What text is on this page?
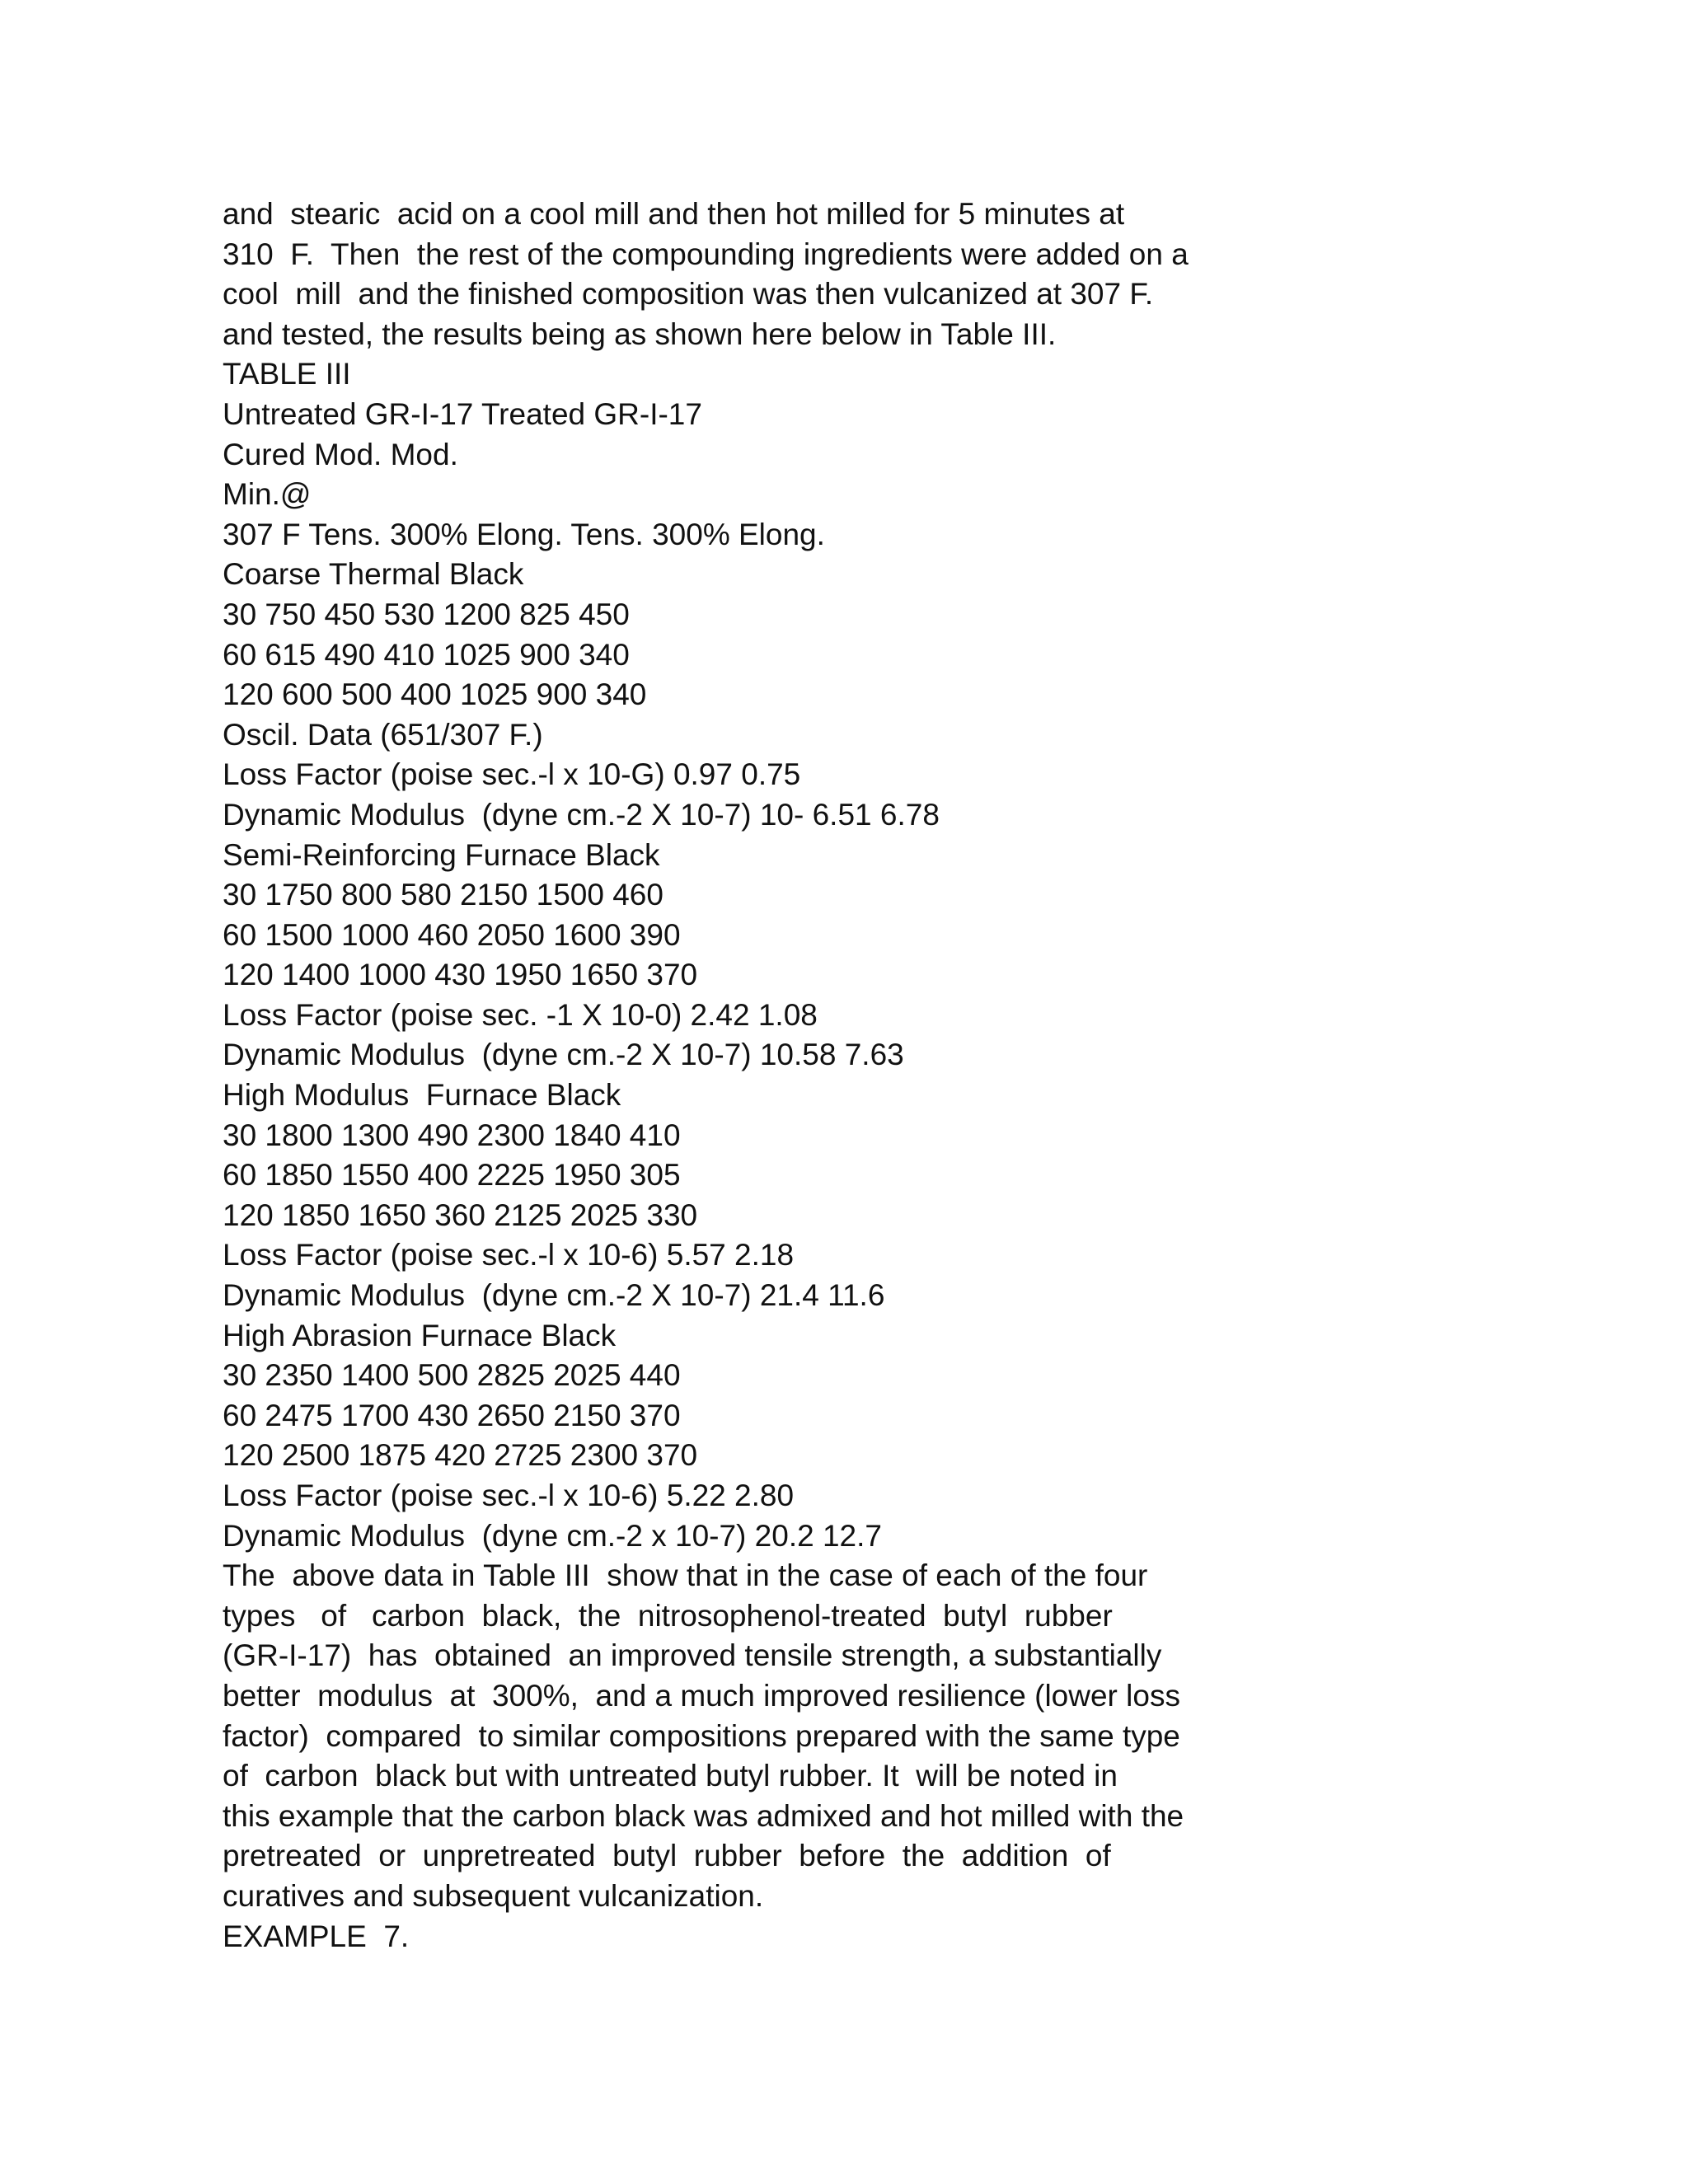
and  stearic  acid on a cool mill and then hot milled for 5 minutes at

310  F.  Then  the rest of the compounding ingredients were added on a

cool  mill  and the finished composition was then vulcanized at 307 F.

and tested, the results being as shown here below in Table III.

TABLE III

Untreated GR-I-17 Treated GR-I-17

Cured Mod. Mod.

Min.@

307 F Tens. 300% Elong. Tens. 300% Elong.

Coarse Thermal Black

30 750 450 530 1200 825 450

60 615 490 410 1025 900 340

120 600 500 400 1025 900 340

Oscil. Data (651/307 F.)

Loss Factor (poise sec.-l x 10-G) 0.97 0.75

Dynamic Modulus  (dyne cm.-2 X 10-7) 10- 6.51 6.78

Semi-Reinforcing Furnace Black

30 1750 800 580 2150 1500 460

60 1500 1000 460 2050 1600 390

120 1400 1000 430 1950 1650 370

Loss Factor (poise sec. -1 X 10-0) 2.42 1.08

Dynamic Modulus  (dyne cm.-2 X 10-7) 10.58 7.63

High Modulus  Furnace Black

30 1800 1300 490 2300 1840 410

60 1850 1550 400 2225 1950 305

120 1850 1650 360 2125 2025 330

Loss Factor (poise sec.-l x 10-6) 5.57 2.18

Dynamic Modulus  (dyne cm.-2 X 10-7) 21.4 11.6

High Abrasion Furnace Black

30 2350 1400 500 2825 2025 440

60 2475 1700 430 2650 2150 370

120 2500 1875 420 2725 2300 370

Loss Factor (poise sec.-l x 10-6) 5.22 2.80

Dynamic Modulus  (dyne cm.-2 x 10-7) 20.2 12.7

The  above data in Table III  show that in the case of each of the four

types   of   carbon  black,  the  nitrosophenol-treated  butyl  rubber

(GR-I-17)  has  obtained  an improved tensile strength, a substantially

better  modulus  at  300%,  and a much improved resilience (lower loss

factor)  compared  to similar compositions prepared with the same type

of  carbon  black but with untreated butyl rubber. It  will be noted in

this example that the carbon black was admixed and hot milled with the

pretreated  or  unpretreated  butyl  rubber  before  the  addition  of

curatives and subsequent vulcanization.

EXAMPLE  7.
